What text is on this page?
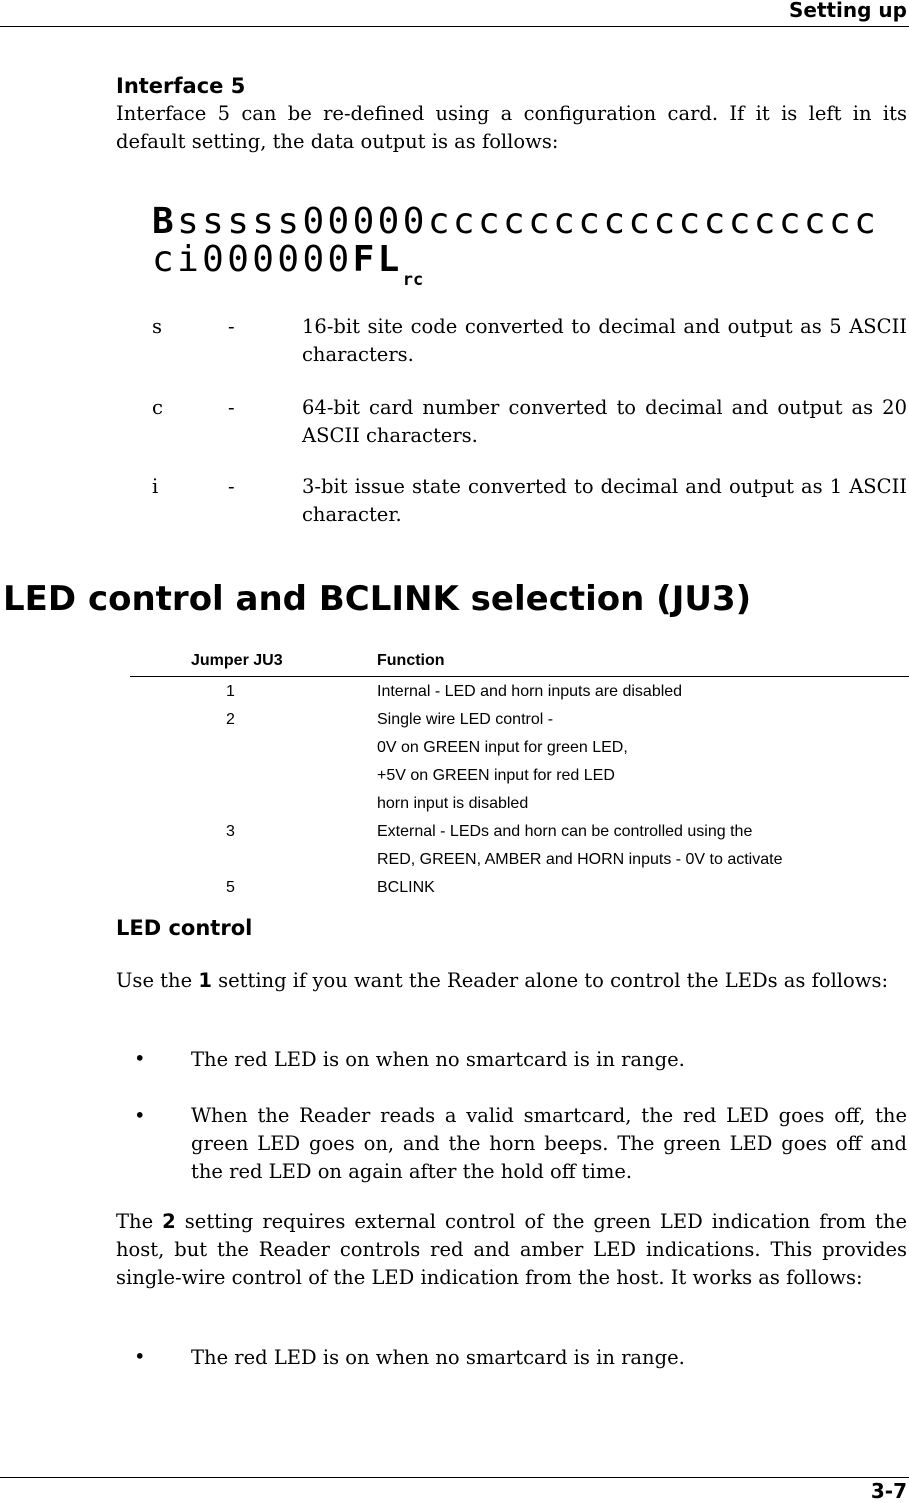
Setting up
Interface 5

Interface 5 can be re-defined using a configuration card. If it is left in its default setting, the data output is as follows:

Bsssss00000cccccccccccccccccc
$ci000000FL_{rc}$
s	-	16-bit site code converted to decimal and output as 5 ASCII characters.
c	-	64-bit card number converted to decimal and output as 20 ASCII characters.
i	-	3-bit issue state converted to decimal and output as 1 ASCII character.
LED control and BCLINK selection (JU3)
Jumper JU3	Function
1	Internal - LED and horn inputs are disabled
2	Single wire LED control -
0V on GREEN input for green LED,
+5V on GREEN input for red LED
horn input is disabled
3	External - LEDs and horn can be controlled using the
RED, GREEN, AMBER and HORN inputs - 0V to activate
5	BCLINK
LED control

Use the 1 setting if you want the Reader alone to control the LEDs as follows:

• The red LED is on when no smartcard is in range.

• When the Reader reads a valid smartcard, the red LED goes off, the green LED goes on, and the horn beeps. The green LED goes off and the red LED on again after the hold off time.

The 2 setting requires external control of the green LED indication from the host, but the Reader controls red and amber LED indications. This provides single-wire control of the LED indication from the host. It works as follows:

• The red LED is on when no smartcard is in range.

3-7
